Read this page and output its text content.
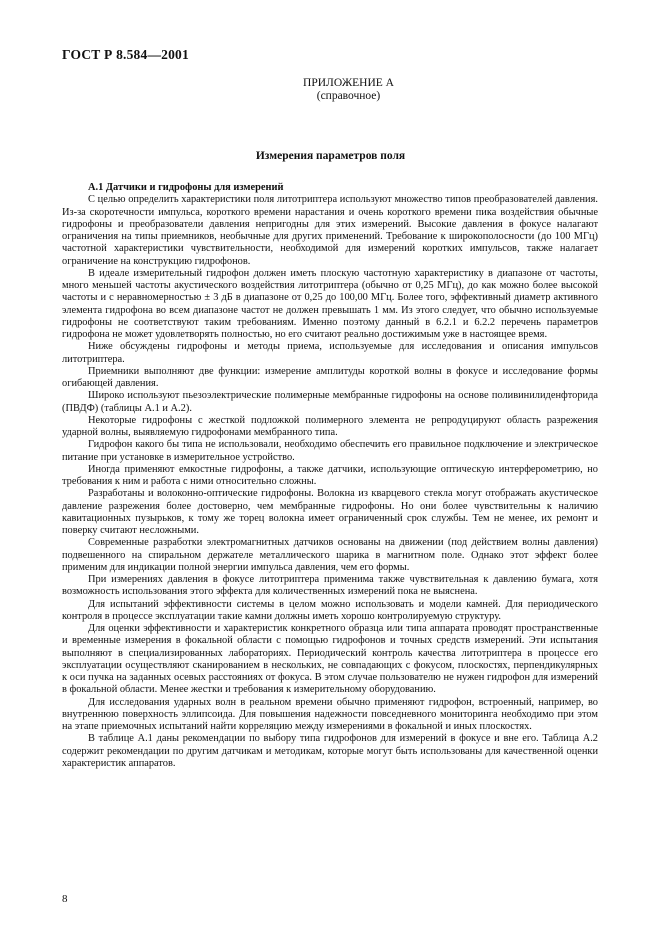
ГОСТ Р 8.584—2001
ПРИЛОЖЕНИЕ А
(справочное)
Измерения параметров поля

А.1 Датчики и гидрофоны для измерений

С целью определить характеристики поля литотриптера используют множество типов преобразователей давления. Из-за скоротечности импульса, короткого времени нарастания и очень короткого времени пика воздействия обычные гидрофоны и преобразователи давления непригодны для этих измерений. Высокие давления в фокусе налагают ограничения на типы приемников, необычные для других применений. Требование к широкополосности (до 100 МГц) частотной характеристики чувствительности, необходимой для измерений коротких импульсов, также налагает ограничение на конструкцию гидрофонов.

В идеале измерительный гидрофон должен иметь плоскую частотную характеристику в диапазоне от частоты, много меньшей частоты акустического воздействия литотриптера (обычно от 0,25 МГц), до как можно более высокой частоты и с неравномерностью ± 3 дБ в диапазоне от 0,25 до 100,00 МГц. Более того, эффективный диаметр активного элемента гидрофона во всем диапазоне частот не должен превышать 1 мм. Из этого следует, что обычно используемые гидрофоны не соответствуют таким требованиям. Именно поэтому данный в 6.2.1 и 6.2.2 перечень параметров гидрофона не может удовлетворять полностью, но его считают реально достижимым уже в настоящее время.

Ниже обсуждены гидрофоны и методы приема, используемые для исследования и описания импульсов литотриптера.

Приемники выполняют две функции: измерение амплитуды короткой волны в фокусе и исследование формы огибающей давления.

Широко используют пьезоэлектрические полимерные мембранные гидрофоны на основе поливинилиденфторида (ПВДФ) (таблицы А.1 и А.2).

Некоторые гидрофоны с жесткой подложкой полимерного элемента не репродуцируют область разрежения ударной волны, выявляемую гидрофонами мембранного типа.

Гидрофон какого бы типа не использовали, необходимо обеспечить его правильное подключение и электрическое питание при установке в измерительное устройство.

Иногда применяют емкостные гидрофоны, а также датчики, использующие оптическую интерферометрию, но требования к ним и работа с ними относительно сложны.

Разработаны и волоконно-оптические гидрофоны. Волокна из кварцевого стекла могут отображать акустическое давление разрежения более достоверно, чем мембранные гидрофоны. Но они более чувствительны к наличию кавитационных пузырьков, к тому же торец волокна имеет ограниченный срок службы. Тем не менее, их ремонт и поверку считают несложными.

Современные разработки электромагнитных датчиков основаны на движении (под действием волны давления) подвешенного на спиральном держателе металлического шарика в магнитном поле. Однако этот эффект более применим для индикации полной энергии импульса давления, чем его формы.

При измерениях давления в фокусе литотриптера применима также чувствительная к давлению бумага, хотя возможность использования этого эффекта для количественных измерений пока не выяснена.

Для испытаний эффективности системы в целом можно использовать и модели камней. Для периодического контроля в процессе эксплуатации такие камни должны иметь хорошо контролируемую структуру.

Для оценки эффективности и характеристик конкретного образца или типа аппарата проводят пространственные и временные измерения в фокальной области с помощью гидрофонов и точных средств измерений. Эти испытания выполняют в специализированных лабораториях. Периодический контроль качества литотриптера в процессе его эксплуатации осуществляют сканированием в нескольких, не совпадающих с фокусом, плоскостях, перпендикулярных к оси пучка на заданных осевых расстояниях от фокуса. В этом случае пользователю не нужен гидрофон для измерений в фокальной области. Менее жестки и требования к измерительному оборудованию.

Для исследования ударных волн в реальном времени обычно применяют гидрофон, встроенный, например, во внутреннюю поверхность эллипсоида. Для повышения надежности повседневного мониторинга необходимо при этом на этапе приемочных испытаний найти корреляцию между измерениями в фокальной и иных плоскостях.

В таблице А.1 даны рекомендации по выбору типа гидрофонов для измерений в фокусе и вне его. Таблица А.2 содержит рекомендации по другим датчикам и методикам, которые могут быть использованы для качественной оценки характеристик аппаратов.

8
